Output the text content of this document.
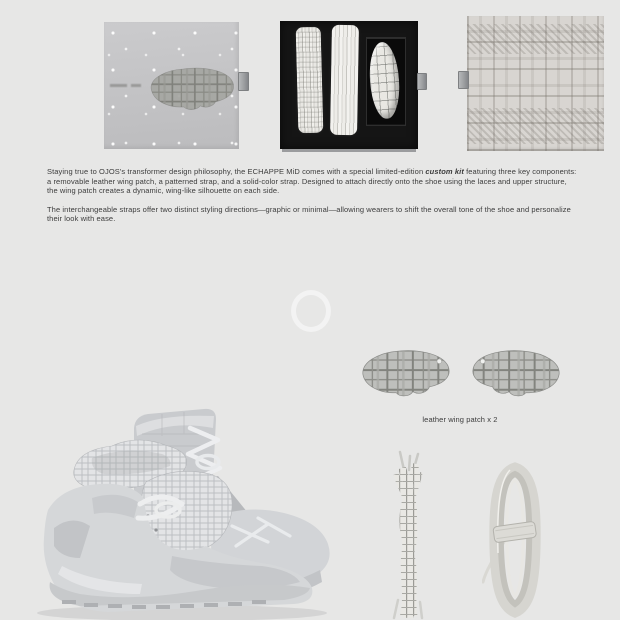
Staying true to OJOS's transformer design philosophy, the ECHAPPE MiD comes with a special limited-edition custom kit featuring three key components: a removable leather wing patch, a patterned strap, and a solid-color strap. Designed to attach directly onto the shoe using the laces and upper structure, the wing patch creates a dynamic, wing-like silhouette on each side.

The interchangeable straps offer two distinct styling directions—graphic or minimal—allowing wearers to shift the overall tone of the shoe and personalize their look with ease.

leather wing patch x 2
